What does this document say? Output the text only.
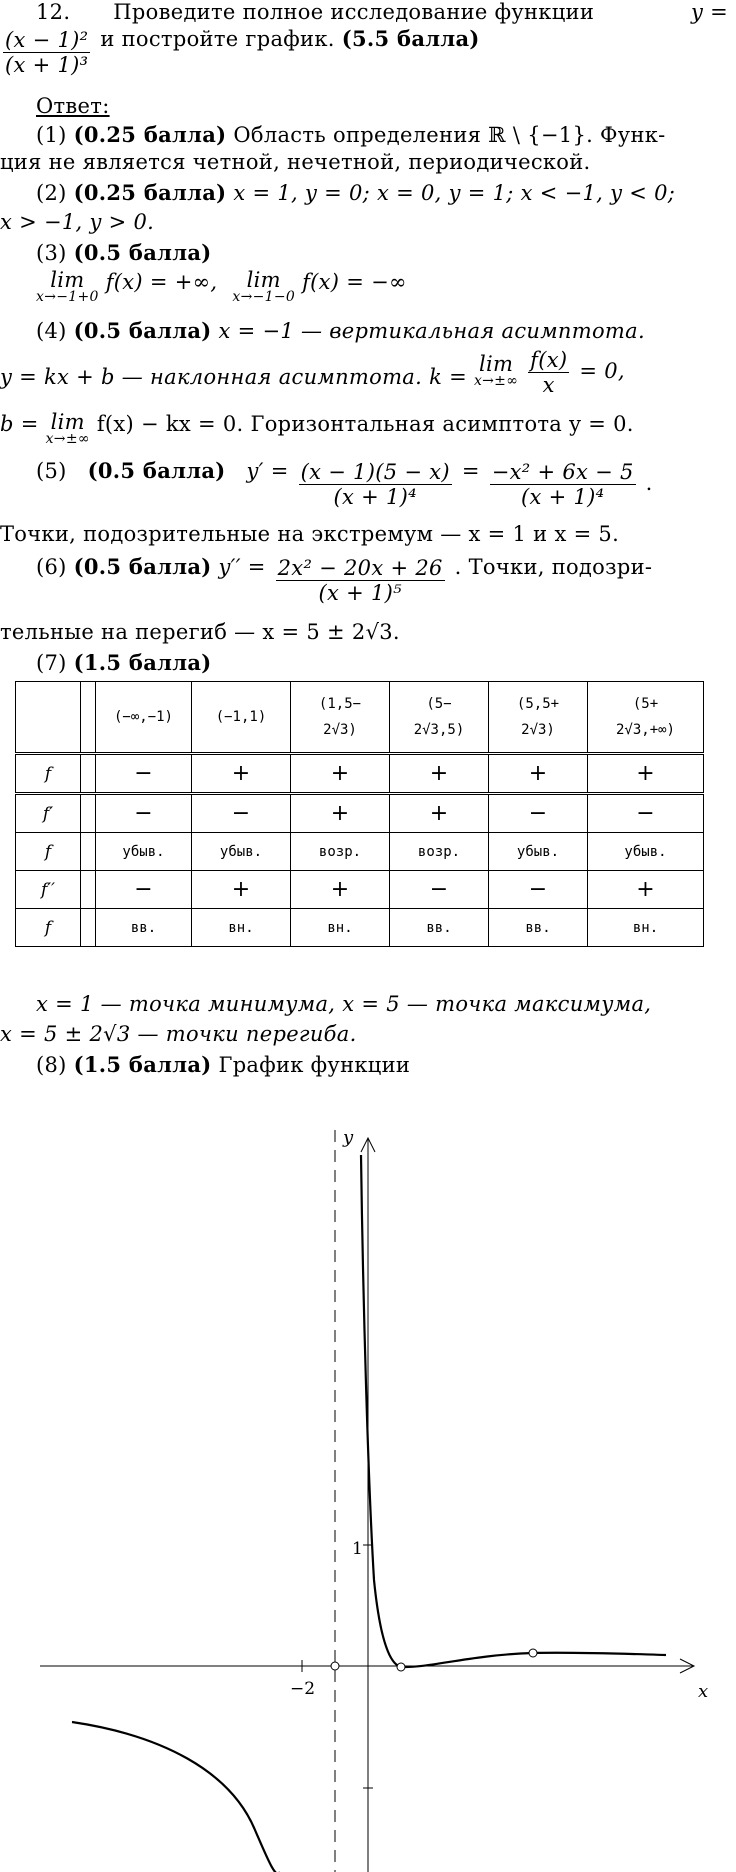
12. Проведите полное исследование функции	y =
$\frac{\text{(x − 1)²}}{\text{(x + 1)³}}$ и постройте график. (5.5 балла)
Ответ:
(1) (0.25 балла) Область определения ℝ \ {−1}. Функ-
ция не является четной, нечетной, периодической.
(2) (0.25 балла) x = 1, y = 0; x = 0, y = 1; x < −1, y < 0;
x > −1, y > 0.
(3) (0.5 балла)
lim
x→−1+0
f(x) = +∞, lim
x→−1−0
f(x) = −∞
(4) (0.5 балла) x = −1 — вертикальная асимптота.
y = kx + b — наклонная асимптота. k = lim
x→±∞
$\frac{f(x)}{x} = 0$,
b = lim
x→±∞
f(x) − kx = 0. Горизонтальная асимптота y = 0.
(5) (0.5 балла) $y' = \frac{(x - 1)(5 - x)}{\text{(x + 1)⁴}} = \frac{\text{−x² + 6x − 5}}{\text{(x + 1)⁴}}$ .
Точки, подозрительные на экстремум — x = 1 и x = 5.
(6) (0.5 балла) $y'' = \frac{\text{2x² − 20x + 26}}{\text{(x + 1)⁵}}$ . Точки, подозри-
тельные на перегиб — x = 5 ± 2√3.
(7) (1.5 балла)
		(−∞,−1)	(−1,1)	(1,5−
2√3)	(5−
2√3,5)	(5,5+
2√3)	(5+
2√3,+∞)
f		−	+	+	+	+	+
f′		−	−	+	+	−	−
f		убыв.	убыв.	возр.	возр.	убыв.	убыв.
f′′		−	+	+	−	−	+
f		вв.	вн.	вн.	вв.	вв.	вн.
x = 1 — точка минимума, x = 5 — точка максимума,
x = 5 ± 2√3 — точки перегиба.
(8) (1.5 балла) График функции
y
x
1
−2
